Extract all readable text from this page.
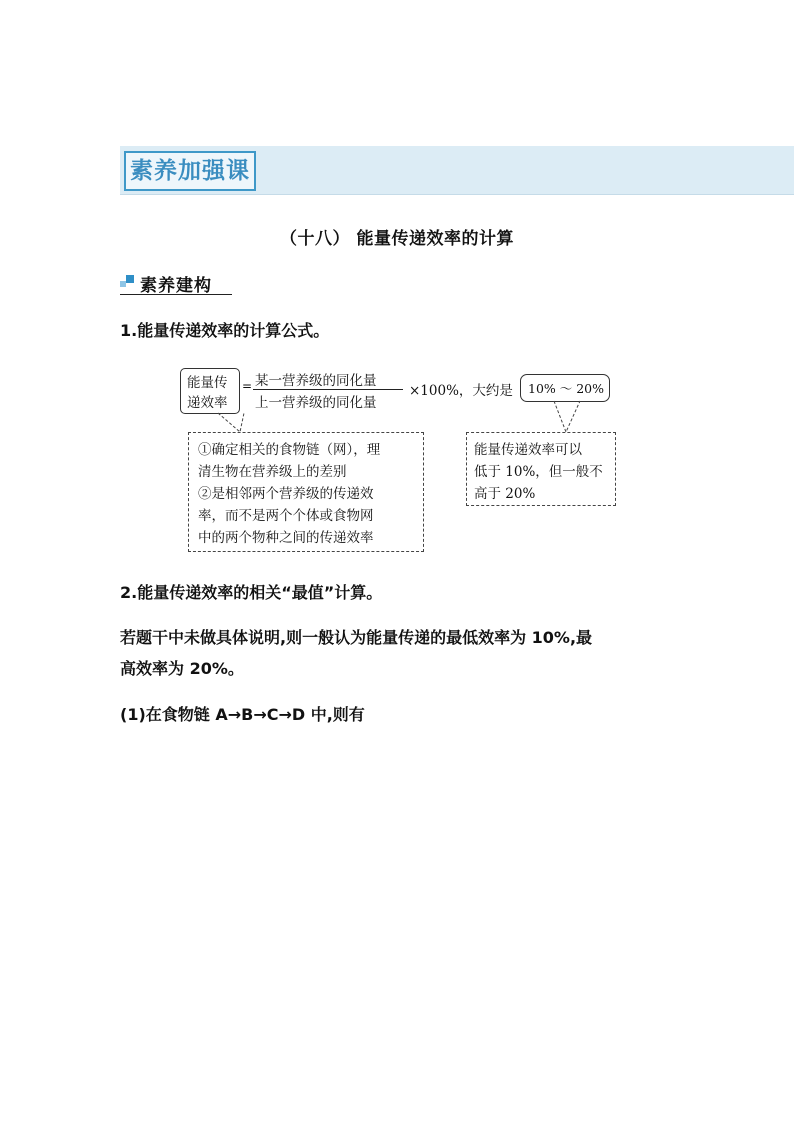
素养加强课
（十八） 能量传递效率的计算
素养建构
1.能量传递效率的计算公式。
能量传
递效率
= 某一营养级的同化量
上一营养级的同化量
×100%，大约是 10% ～ 20%
①确定相关的食物链（网），理
清生物在营养级上的差别
②是相邻两个营养级的传递效
率，而不是两个个体或食物网
中的两个物种之间的传递效率
能量传递效率可以
低于 10%，但一般不
高于 20%
2.能量传递效率的相关“最值”计算。
若题干中未做具体说明,则一般认为能量传递的最低效率为 10%,最
高效率为 20%。
(1)在食物链 A→B→C→D 中,则有
